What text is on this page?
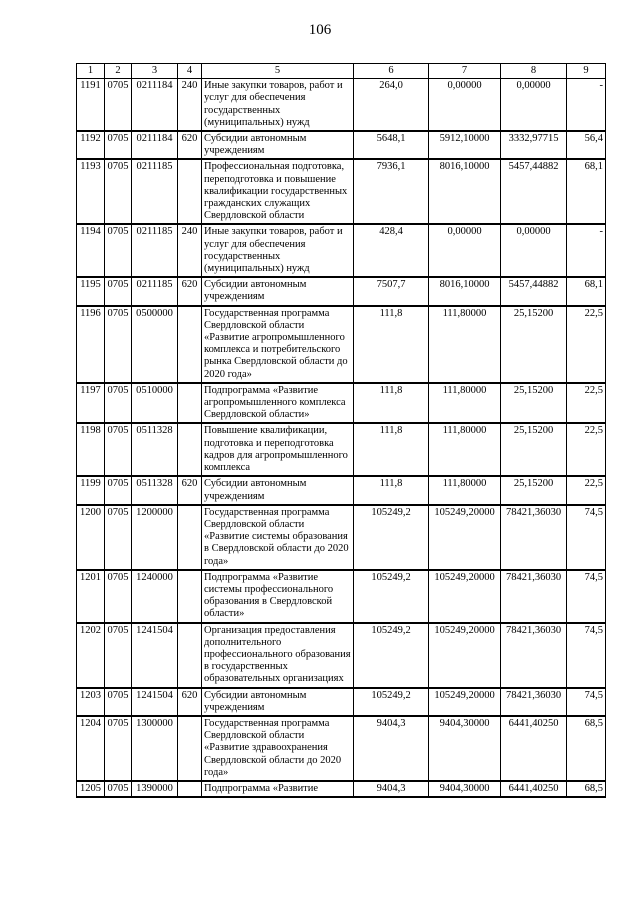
106
1	2	3	4	5	6	7	8	9
1191	0705	0211184	240	Иные закупки товаров, работ и услуг для обеспечения государственных (муниципальных) нужд	264,0	0,00000	0,00000	-
1192	0705	0211184	620	Субсидии автономным учреждениям	5648,1	5912,10000	3332,97715	56,4
1193	0705	0211185		Профессиональная подготовка, переподготовка и повышение квалификации государственных гражданских служащих Свердловской области	7936,1	8016,10000	5457,44882	68,1
1194	0705	0211185	240	Иные закупки товаров, работ и услуг для обеспечения государственных (муниципальных) нужд	428,4	0,00000	0,00000	-
1195	0705	0211185	620	Субсидии автономным учреждениям	7507,7	8016,10000	5457,44882	68,1
1196	0705	0500000		Государственная программа Свердловской области «Развитие агропромышленного комплекса и потребительского рынка Свердловской области до 2020 года»	111,8	111,80000	25,15200	22,5
1197	0705	0510000		Подпрограмма «Развитие агропромышленного комплекса Свердловской области»	111,8	111,80000	25,15200	22,5
1198	0705	0511328		Повышение квалификации, подготовка и переподготовка кадров для агропромышленного комплекса	111,8	111,80000	25,15200	22,5
1199	0705	0511328	620	Субсидии автономным учреждениям	111,8	111,80000	25,15200	22,5
1200	0705	1200000		Государственная программа Свердловской области «Развитие системы образования в Свердловской области до 2020 года»	105249,2	105249,20000	78421,36030	74,5
1201	0705	1240000		Подпрограмма «Развитие системы профессионального образования в Свердловской области»	105249,2	105249,20000	78421,36030	74,5
1202	0705	1241504		Организация предоставления дополнительного профессионального образования в государственных образовательных организациях	105249,2	105249,20000	78421,36030	74,5
1203	0705	1241504	620	Субсидии автономным учреждениям	105249,2	105249,20000	78421,36030	74,5
1204	0705	1300000		Государственная программа Свердловской области «Развитие здравоохранения Свердловской области до 2020 года»	9404,3	9404,30000	6441,40250	68,5
1205	0705	1390000		Подпрограмма «Развитие	9404,3	9404,30000	6441,40250	68,5
